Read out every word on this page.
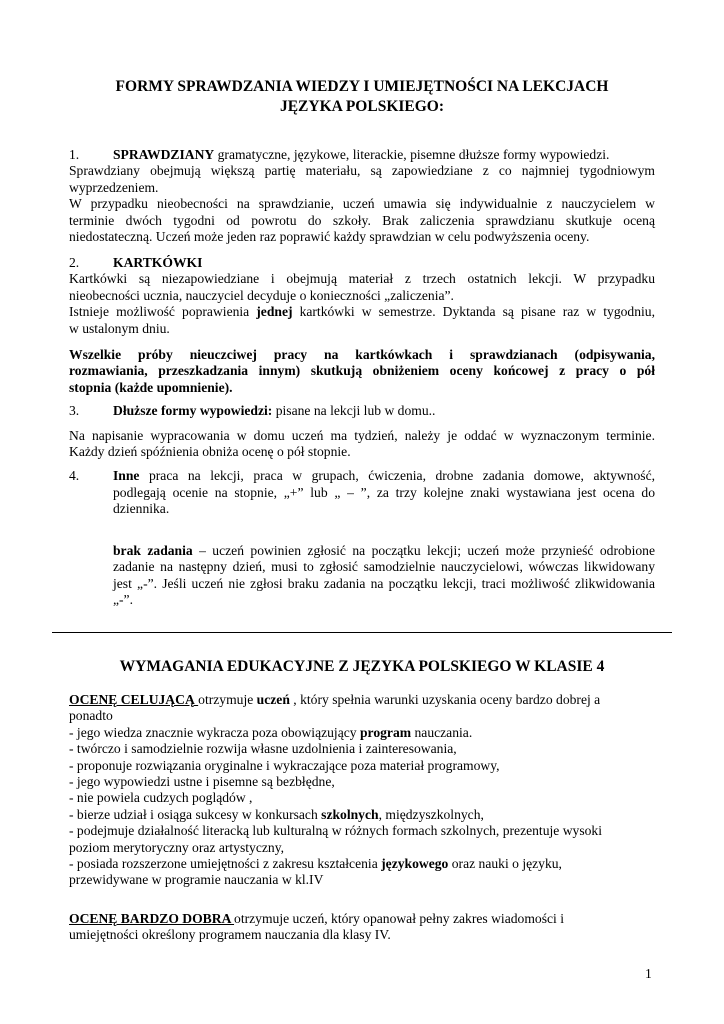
FORMY SPRAWDZANIA WIEDZY I UMIEJĘTNOŚCI NA LEKCJACH
JĘZYKA POLSKIEGO:
1. SPRAWDZIANY gramatyczne, językowe, literackie, pisemne dłuższe formy wypowiedzi.
Sprawdziany obejmują większą partię materiału, są zapowiedziane z co najmniej tygodniowym
wyprzedzeniem.
W przypadku nieobecności na sprawdzianie, uczeń umawia się indywidualnie z nauczycielem w
terminie dwóch tygodni od powrotu do szkoły. Brak zaliczenia sprawdzianu skutkuje oceną
niedostateczną. Uczeń może jeden raz poprawić każdy sprawdzian w celu podwyższenia oceny.
2. KARTKÓWKI
Kartkówki są niezapowiedziane i obejmują materiał z trzech ostatnich lekcji. W przypadku
nieobecności ucznia, nauczyciel decyduje o konieczności „zaliczenia”.
Istnieje możliwość poprawienia jednej kartkówki w semestrze. Dyktanda są pisane raz w tygodniu,
w ustalonym dniu.
Wszelkie próby nieuczciwej pracy na kartkówkach i sprawdzianach (odpisywania,
rozmawiania, przeszkadzania innym) skutkują obniżeniem oceny końcowej z pracy o pół
stopnia (każde upomnienie).
3. Dłuższe formy wypowiedzi: pisane na lekcji lub w domu..
Na napisanie wypracowania w domu uczeń ma tydzień, należy je oddać w wyznaczonym terminie.
Każdy dzień spóźnienia obniża ocenę o pół stopnie.
4. Inne praca na lekcji, praca w grupach, ćwiczenia, drobne zadania domowe, aktywność,
podlegają ocenie na stopnie, „+” lub „ – ”, za trzy kolejne znaki wystawiana jest ocena do
dziennika.
brak zadania – uczeń powinien zgłosić na początku lekcji; uczeń może przynieść odrobione
zadanie na następny dzień, musi to zgłosić samodzielnie nauczycielowi, wówczas likwidowany
jest „-”. Jeśli uczeń nie zgłosi braku zadania na początku lekcji, traci możliwość zlikwidowania
„-”.
WYMAGANIA EDUKACYJNE Z JĘZYKA POLSKIEGO W KLASIE 4
OCENĘ CELUJĄCĄ otrzymuje uczeń , który spełnia warunki uzyskania oceny bardzo dobrej a
ponadto
- jego wiedza znacznie wykracza poza obowiązujący program nauczania.
- twórczo i samodzielnie rozwija własne uzdolnienia i zainteresowania,
- proponuje rozwiązania oryginalne i wykraczające poza materiał programowy,
- jego wypowiedzi ustne i pisemne są bezbłędne,
- nie powiela cudzych poglądów ,
- bierze udział i osiąga sukcesy w konkursach szkolnych, międzyszkolnych,
- podejmuje działalność literacką lub kulturalną w różnych formach szkolnych, prezentuje wysoki
poziom merytoryczny oraz artystyczny,
- posiada rozszerzone umiejętności z zakresu kształcenia językowego oraz nauki o języku,
przewidywane w programie nauczania w kl.IV
OCENĘ BARDZO DOBRA otrzymuje uczeń, który opanował pełny zakres wiadomości i
umiejętności określony programem nauczania dla klasy IV.
1
